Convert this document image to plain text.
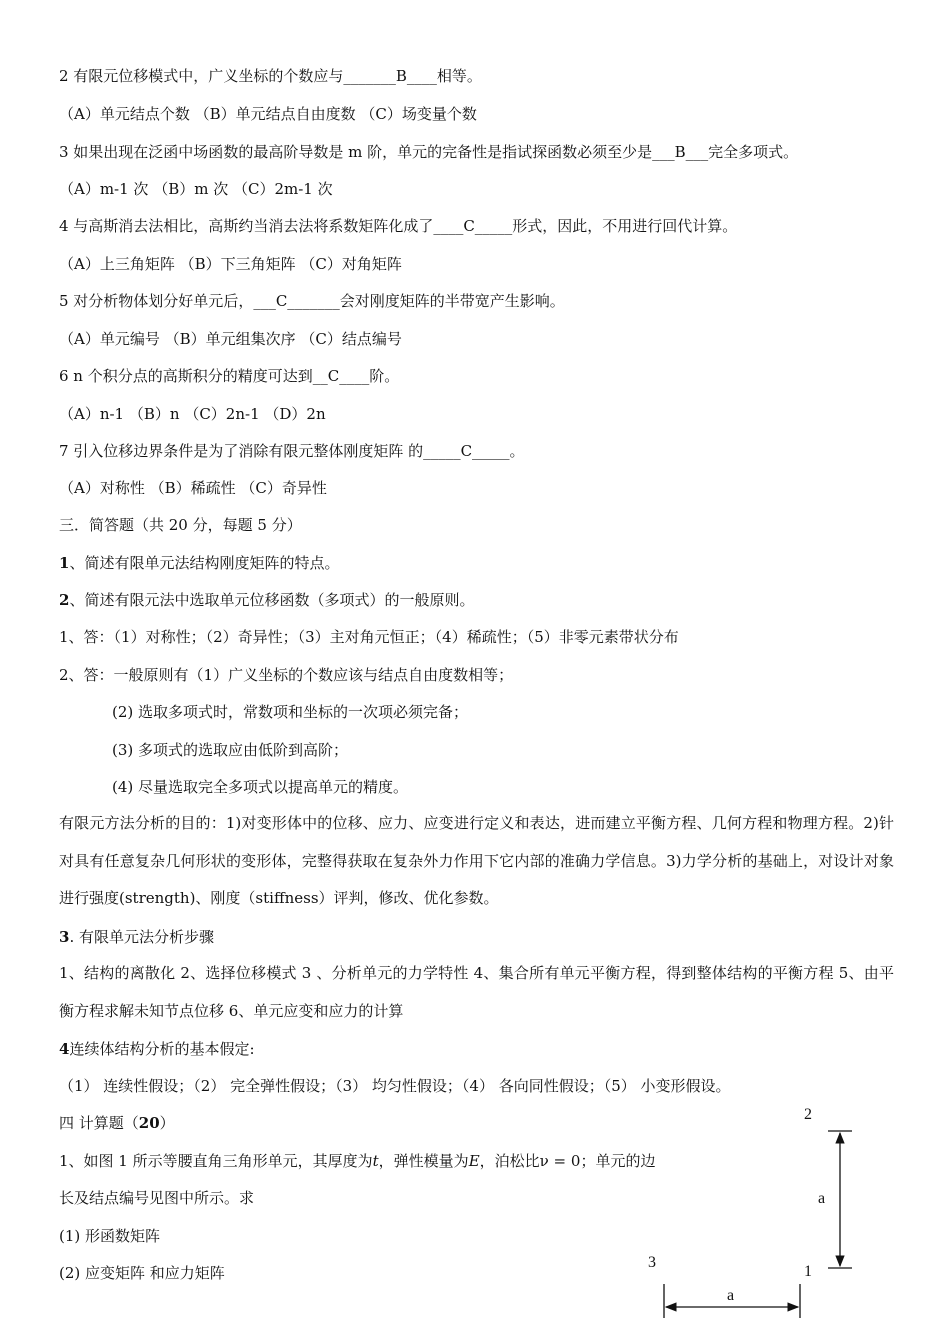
2 有限元位移模式中，广义坐标的个数应与_______B____相等。
（A）单元结点个数 （B）单元结点自由度数 （C）场变量个数
3 如果出现在泛函中场函数的最高阶导数是 m 阶，单元的完备性是指试探函数必须至少是___B___完全多项式。
（A）m-1 次 （B）m 次 （C）2m-1 次
4 与高斯消去法相比，高斯约当消去法将系数矩阵化成了____C_____形式，因此，不用进行回代计算。
（A）上三角矩阵 （B）下三角矩阵 （C）对角矩阵
5 对分析物体划分好单元后，___C_______会对刚度矩阵的半带宽产生影响。
（A）单元编号 （B）单元组集次序 （C）结点编号
6 n 个积分点的高斯积分的精度可达到__C____阶。
（A）n-1 （B）n （C）2n-1 （D）2n
7 引入位移边界条件是为了消除有限元整体刚度矩阵 的_____C_____。
（A）对称性 （B）稀疏性 （C）奇异性
三．简答题（共 20 分，每题 5 分）
1、简述有限单元法结构刚度矩阵的特点。
2、简述有限元法中选取单元位移函数（多项式）的一般原则。
1、答：（1）对称性；（2）奇异性；（3）主对角元恒正；（4）稀疏性；（5）非零元素带状分布
2、答：一般原则有（1）广义坐标的个数应该与结点自由度数相等；
(2) 选取多项式时，常数项和坐标的一次项必须完备；
(3) 多项式的选取应由低阶到高阶；
(4) 尽量选取完全多项式以提高单元的精度。
有限元方法分析的目的：1)对变形体中的位移、应力、应变进行定义和表达，进而建立平衡方程、几何方程和物理方程。2)针对具有任意复杂几何形状的变形体，完整得获取在复杂外力作用下它内部的准确力学信息。3)力学分析的基础上，对设计对象进行强度(strength)、刚度（stiffness）评判，修改、优化参数。
3. 有限单元法分析步骤
1、结构的离散化 2、选择位移模式 3 、分析单元的力学特性 4、集合所有单元平衡方程，得到整体结构的平衡方程 5、由平衡方程求解未知节点位移 6、单元应变和应力的计算
4连续体结构分析的基本假定:
（1） 连续性假设；（2） 完全弹性假设；（3） 均匀性假设；（4） 各向同性假设；（5） 小变形假设。
四 计算题（20）
1、如图 1 所示等腰直角三角形单元，其厚度为t，弹性模量为E，泊松比ν = 0；单元的边
长及结点编号见图中所示。求
(1) 形函数矩阵
(2) 应变矩阵 和应力矩阵
2
3
1
a
a
